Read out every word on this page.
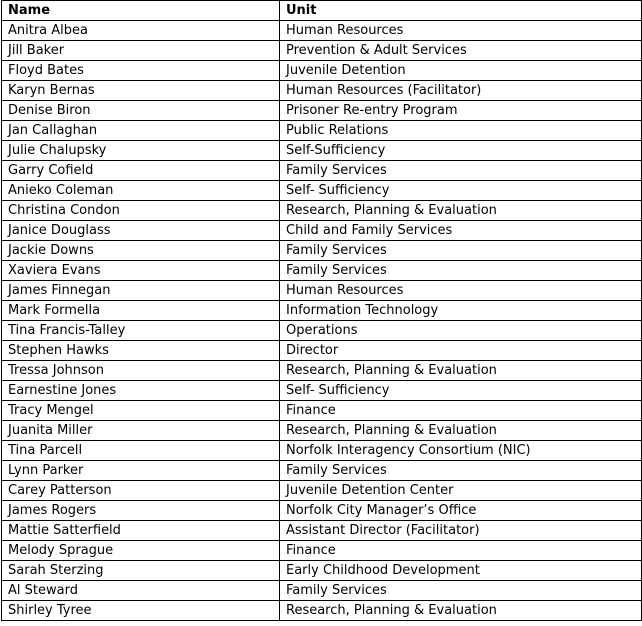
Name	Unit
Anitra Albea	Human Resources
Jill Baker	Prevention & Adult Services
Floyd Bates	Juvenile Detention
Karyn Bernas	Human Resources (Facilitator)
Denise Biron	Prisoner Re-entry Program
Jan Callaghan	Public Relations
Julie Chalupsky	Self-Sufficiency
Garry Cofield	Family Services
Anieko Coleman	Self- Sufficiency
Christina Condon	Research, Planning & Evaluation
Janice Douglass	Child and Family Services
Jackie Downs	Family Services
Xaviera Evans	Family Services
James Finnegan	Human Resources
Mark Formella	Information Technology
Tina Francis-Talley	Operations
Stephen Hawks	Director
Tressa Johnson	Research, Planning & Evaluation
Earnestine Jones	Self- Sufficiency
Tracy Mengel	Finance
Juanita Miller	Research, Planning & Evaluation
Tina Parcell	Norfolk Interagency Consortium (NIC)
Lynn Parker	Family Services
Carey Patterson	Juvenile Detention Center
James Rogers	Norfolk City Manager’s Office
Mattie Satterfield	Assistant Director (Facilitator)
Melody Sprague	Finance
Sarah Sterzing	Early Childhood Development
Al Steward	Family Services
Shirley Tyree	Research, Planning & Evaluation
